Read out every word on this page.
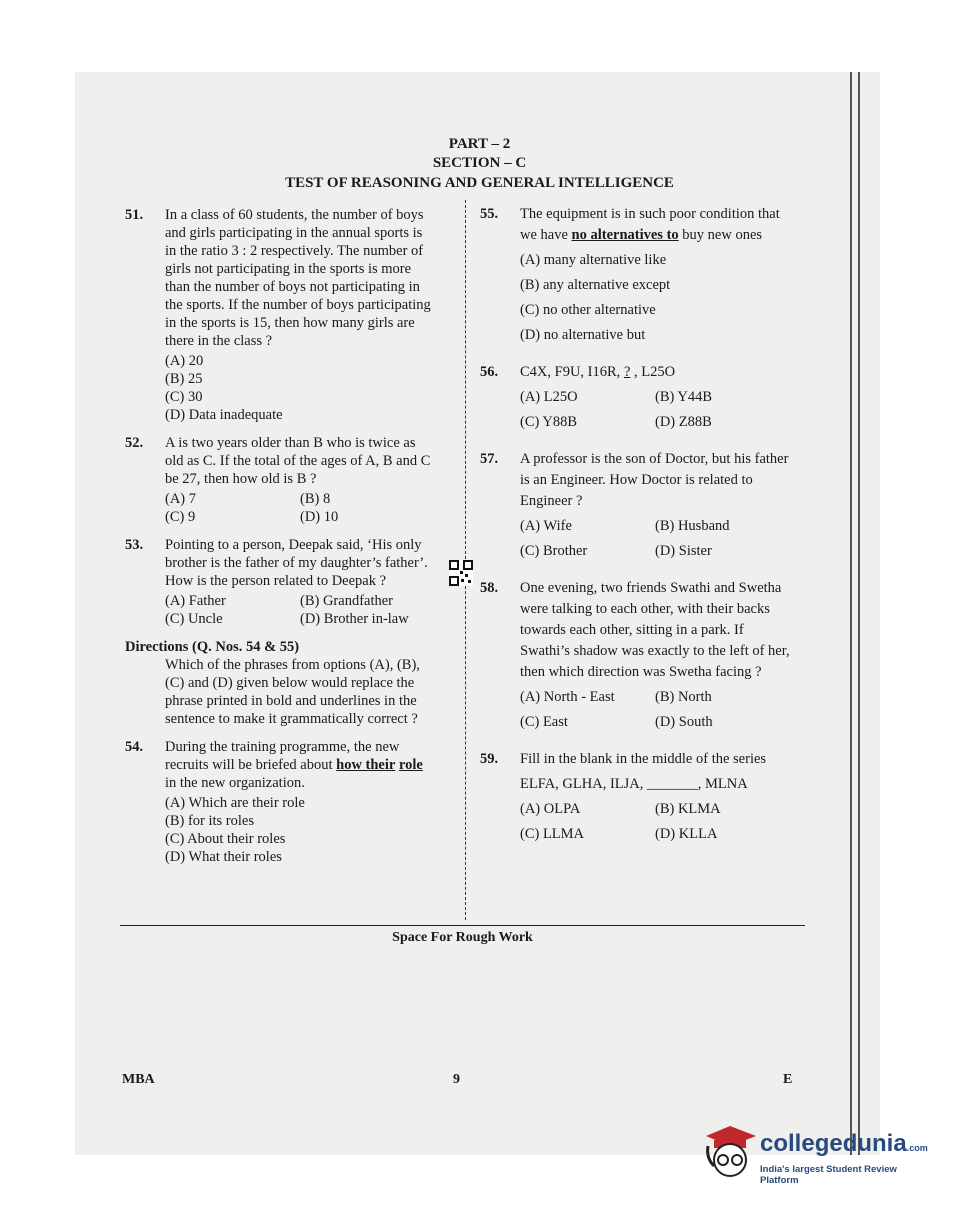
PART – 2
SECTION – C
TEST OF REASONING AND GENERAL INTELLIGENCE
51. In a class of 60 students, the number of boys and girls participating in the annual sports is in the ratio 3 : 2 respectively. The number of girls not participating in the sports is more than the number of boys not participating in the sports. If the number of boys participating in the sports is 15, then how many girls are there in the class ?
(A) 20
(B) 25
(C) 30
(D) Data inadequate
52. A is two years older than B who is twice as old as C. If the total of the ages of A, B and C be 27, then how old is B ?
(A) 7	(B) 8
(C) 9	(D) 10
53. Pointing to a person, Deepak said, ‘His only brother is the father of my daughter’s father’. How is the person related to Deepak ?
(A) Father	(B) Grandfather
(C) Uncle	(D) Brother in-law
Directions (Q. Nos. 54 & 55)
Which of the phrases from options (A), (B), (C) and (D) given below would replace the phrase printed in bold and underlines in the sentence to make it grammatically correct ?
54. During the training programme, the new recruits will be briefed about how their role in the new organization.
(A) Which are their role
(B) for its roles
(C) About their roles
(D) What their roles
55. The equipment is in such poor condition that we have no alternatives to buy new ones
(A) many alternative like
(B) any alternative except
(C) no other alternative
(D) no alternative but
56. C4X, F9U, I16R, ? , L25O
(A) L25O	(B) Y44B
(C) Y88B	(D) Z88B
57. A professor is the son of Doctor, but his father is an Engineer. How Doctor is related to Engineer ?
(A) Wife	(B) Husband
(C) Brother	(D) Sister
58. One evening, two friends Swathi and Swetha were talking to each other, with their backs towards each other, sitting in a park. If Swathi’s shadow was exactly to the left of her, then which direction was Swetha facing ?
(A) North - East	(B) North
(C) East	(D) South
59. Fill in the blank in the middle of the series
ELFA, GLHA, ILJA, _______, MLNA
(A) OLPA	(B) KLMA
(C) LLMA	(D) KLLA
Space For Rough Work
MBA	9	E
collegedunia.com
India's largest Student Review Platform
